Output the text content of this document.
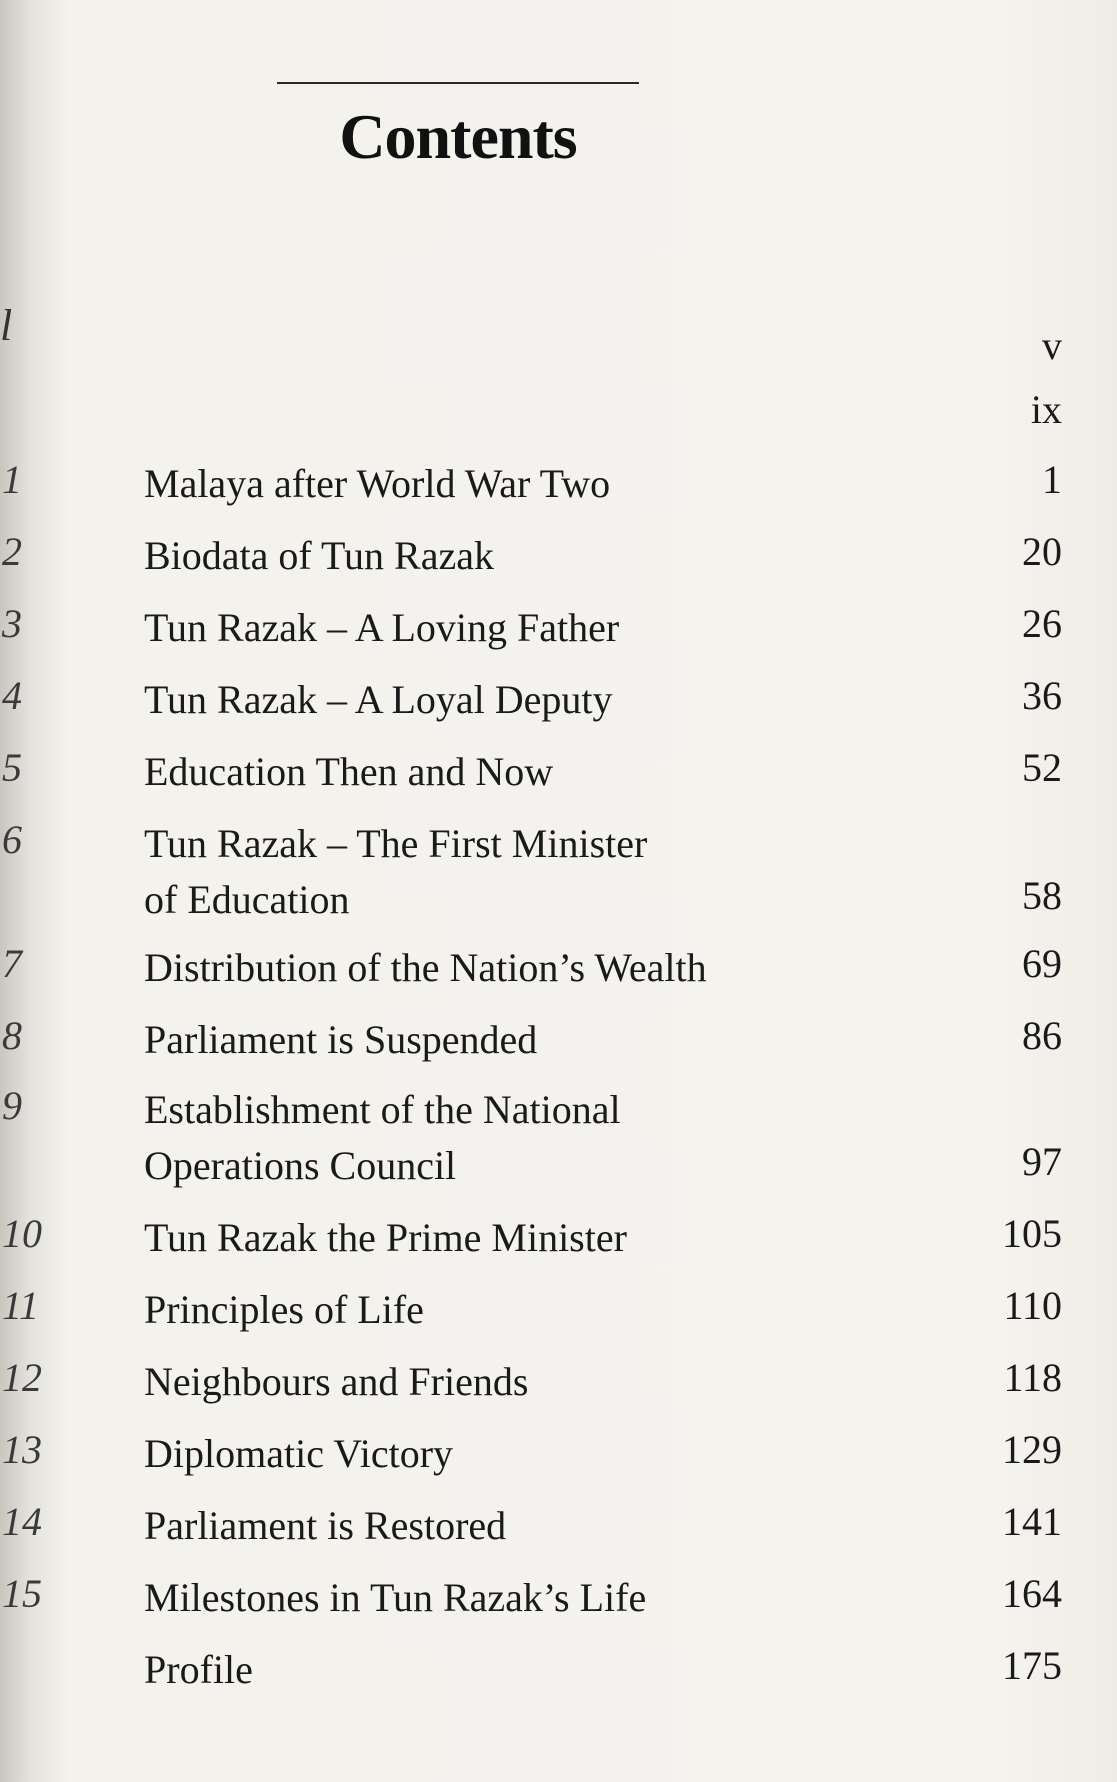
Contents
l	v
ix
1	Malaya after World War Two	1
2	Biodata of Tun Razak	20
3	Tun Razak – A Loving Father	26
4	Tun Razak – A Loyal Deputy	36
5	Education Then and Now	52
6	Tun Razak – The First Minister
of Education	58
7	Distribution of the Nation’s Wealth	69
8	Parliament is Suspended	86
9	Establishment of the National
Operations Council	97
10	Tun Razak the Prime Minister	105
11	Principles of Life	110
12	Neighbours and Friends	118
13	Diplomatic Victory	129
14	Parliament is Restored	141
15	Milestones in Tun Razak’s Life	164
Profile	175
